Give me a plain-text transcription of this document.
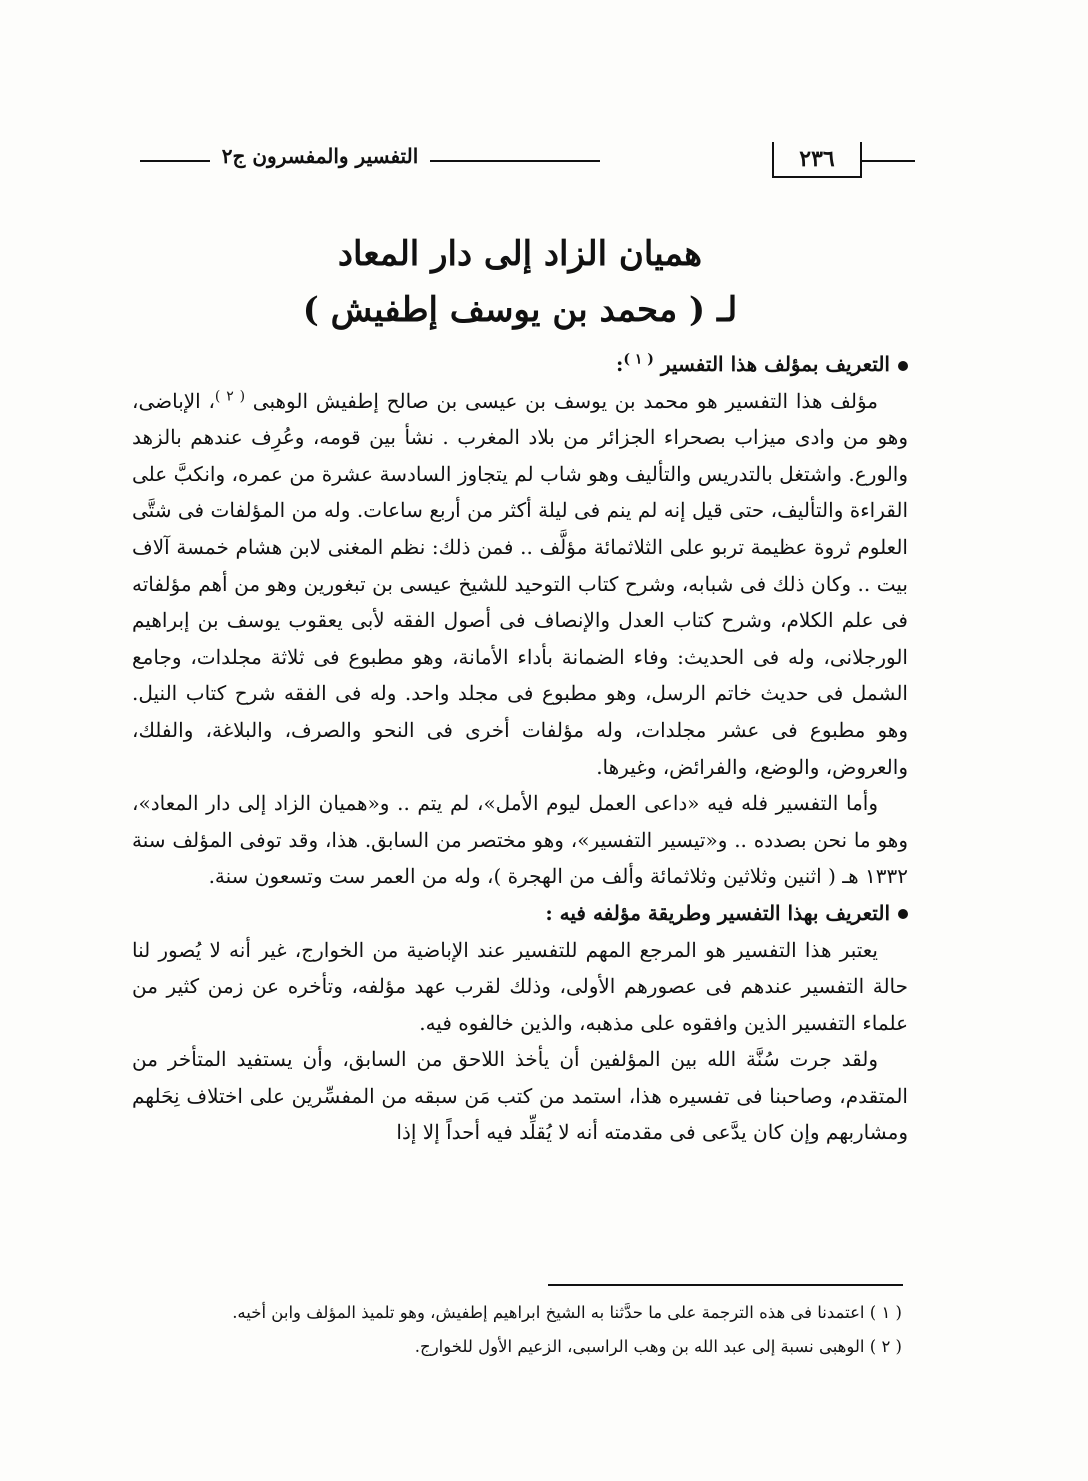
التفسير والمفسرون ج٢	٢٣٦
هميان الزاد إلى دار المعاد
لـ ( محمد بن يوسف إطفيش )

التعريف بمؤلف هذا التفسير $^{( ١ )}$:

مؤلف هذا التفسير هو محمد بن يوسف بن عيسى بن صالح إطفيش الوهبى $^{( ٢ )}$، الإباضى، وهو من وادى ميزاب بصحراء الجزائر من بلاد المغرب . نشأ بين قومه، وعُرِف عندهم بالزهد والورع. واشتغل بالتدريس والتأليف وهو شاب لم يتجاوز السادسة عشرة من عمره، وانكبَّ على القراءة والتأليف، حتى قيل إنه لم ينم فى ليلة أكثر من أربع ساعات. وله من المؤلفات فى شتَّى العلوم ثروة عظيمة تربو على الثلاثمائة مؤلَّف .. فمن ذلك: نظم المغنى لابن هشام خمسة آلاف بيت .. وكان ذلك فى شبابه، وشرح كتاب التوحيد للشيخ عيسى بن تبغورين وهو من أهم مؤلفاته فى علم الكلام، وشرح كتاب العدل والإنصاف فى أصول الفقه لأبى يعقوب يوسف بن إبراهيم الورجلانى، وله فى الحديث: وفاء الضمانة بأداء الأمانة، وهو مطبوع فى ثلاثة مجلدات، وجامع الشمل فى حديث خاتم الرسل، وهو مطبوع فى مجلد واحد. وله فى الفقه شرح كتاب النيل. وهو مطبوع فى عشر مجلدات، وله مؤلفات أخرى فى النحو والصرف، والبلاغة، والفلك، والعروض، والوضع، والفرائض، وغيرها.

وأما التفسير فله فيه «داعى العمل ليوم الأمل»، لم يتم .. و«هميان الزاد إلى دار المعاد»، وهو ما نحن بصدده .. و«تيسير التفسير»، وهو مختصر من السابق. هذا، وقد توفى المؤلف سنة ١٣٣٢ هـ ( اثنين وثلاثين وثلاثمائة وألف من الهجرة )، وله من العمر ست وتسعون سنة.

التعريف بهذا التفسير وطريقة مؤلفه فيه :

يعتبر هذا التفسير هو المرجع المهم للتفسير عند الإباضية من الخوارج، غير أنه لا يُصور لنا حالة التفسير عندهم فى عصورهم الأولى، وذلك لقرب عهد مؤلفه، وتأخره عن زمن كثير من علماء التفسير الذين وافقوه على مذهبه، والذين خالفوه فيه.

ولقد جرت سُنَّة الله بين المؤلفين أن يأخذ اللاحق من السابق، وأن يستفيد المتأخر من المتقدم، وصاحبنا فى تفسيره هذا، استمد من كتب مَن سبقه من المفسِّرين على اختلاف نِحَلهم ومشاربهم وإن كان يدَّعى فى مقدمته أنه لا يُقلِّد فيه أحداً إلا إذا

( ١ ) اعتمدنا فى هذه الترجمة على ما حدَّثنا به الشيخ ابراهيم إطفيش، وهو تلميذ المؤلف وابن أخيه.

( ٢ ) الوهبى نسبة إلى عبد الله بن وهب الراسبى، الزعيم الأول للخوارج.
